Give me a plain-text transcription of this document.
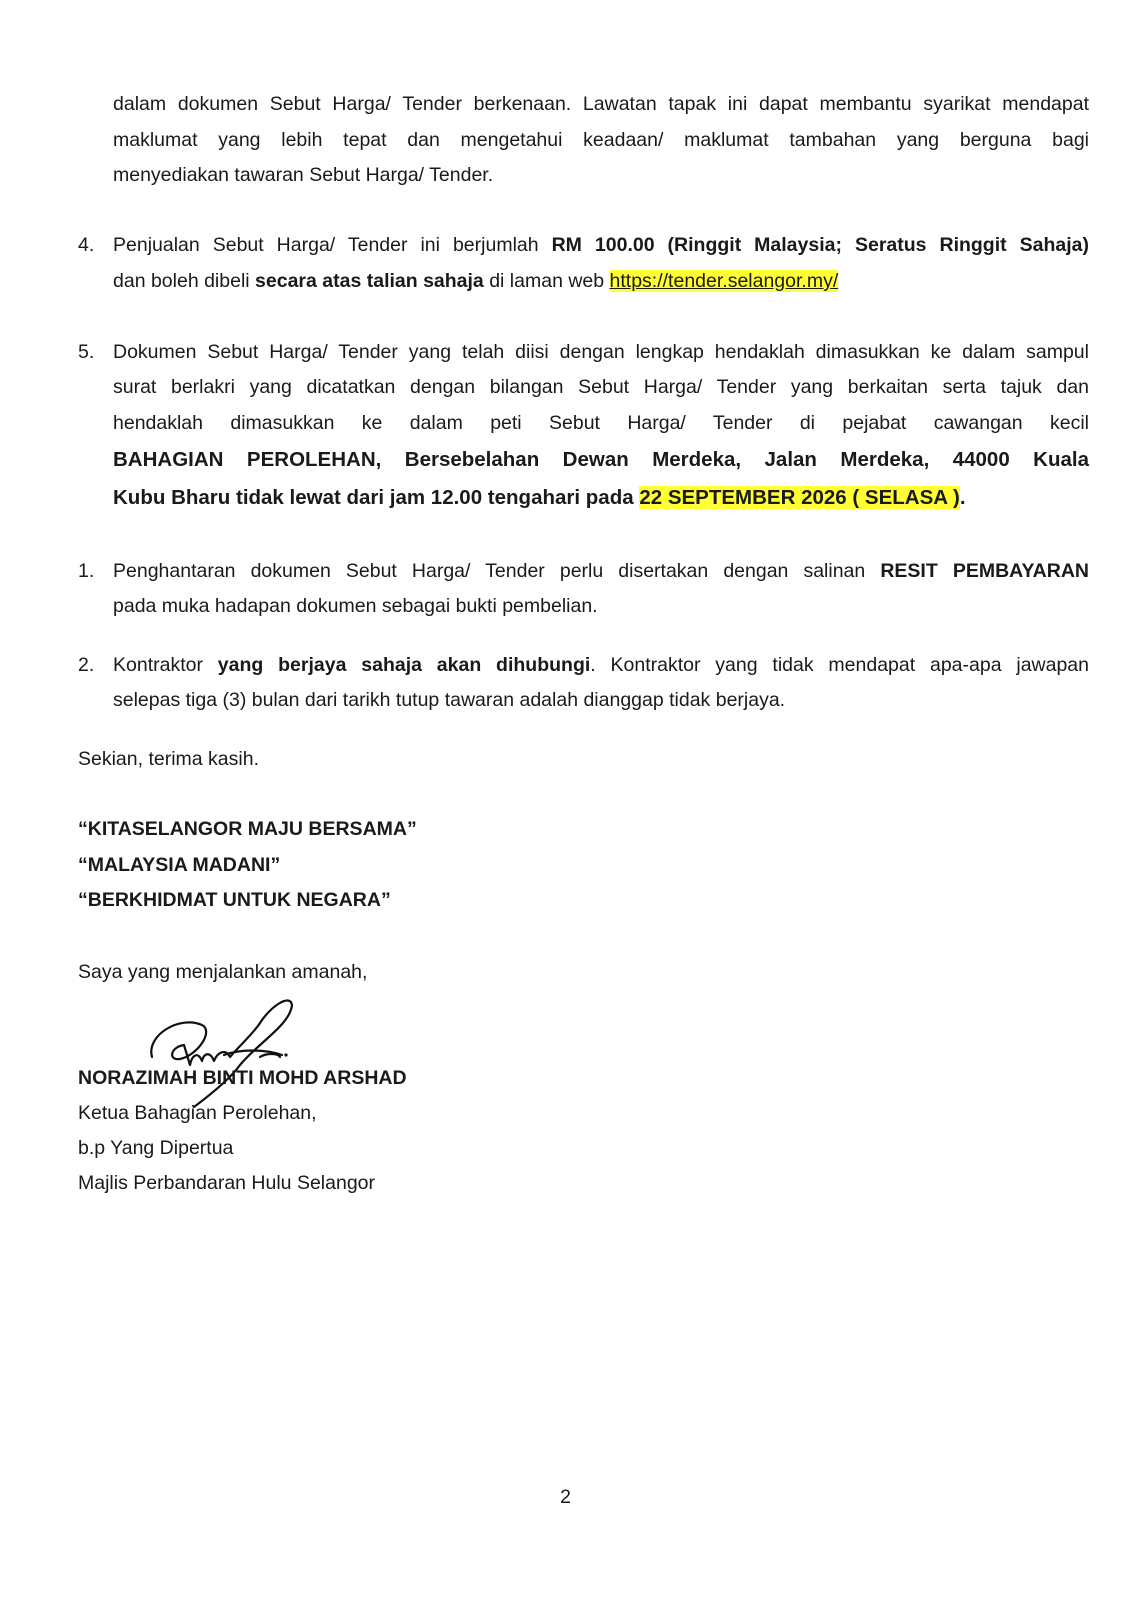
dalam dokumen Sebut Harga/ Tender berkenaan. Lawatan tapak ini dapat membantu syarikat mendapat
maklumat yang lebih tepat dan mengetahui keadaan/ maklumat tambahan yang berguna bagi
menyediakan tawaran Sebut Harga/ Tender.
4. Penjualan Sebut Harga/ Tender ini berjumlah RM 100.00 (Ringgit Malaysia; Seratus Ringgit Sahaja)
dan boleh dibeli secara atas talian sahaja di laman web https://tender.selangor.my/
5. Dokumen Sebut Harga/ Tender yang telah diisi dengan lengkap hendaklah dimasukkan ke dalam sampul
surat berlakri yang dicatatkan dengan bilangan Sebut Harga/ Tender yang berkaitan serta tajuk dan
hendaklah dimasukkan ke dalam peti Sebut Harga/ Tender di pejabat cawangan kecil
BAHAGIAN PEROLEHAN, Bersebelahan Dewan Merdeka, Jalan Merdeka, 44000 Kuala
Kubu Bharu tidak lewat dari jam 12.00 tengahari pada 22 SEPTEMBER 2026 ( SELASA ).
1. Penghantaran dokumen Sebut Harga/ Tender perlu disertakan dengan salinan RESIT PEMBAYARAN
pada muka hadapan dokumen sebagai bukti pembelian.
2. Kontraktor yang berjaya sahaja akan dihubungi. Kontraktor yang tidak mendapat apa-apa jawapan
selepas tiga (3) bulan dari tarikh tutup tawaran adalah dianggap tidak berjaya.
Sekian, terima kasih.
“KITASELANGOR MAJU BERSAMA”
“MALAYSIA MADANI”
“BERKHIDMAT UNTUK NEGARA”
Saya yang menjalankan amanah,
NORAZIMAH BINTI MOHD ARSHAD
Ketua Bahagian Perolehan,
b.p Yang Dipertua
Majlis Perbandaran Hulu Selangor
2
